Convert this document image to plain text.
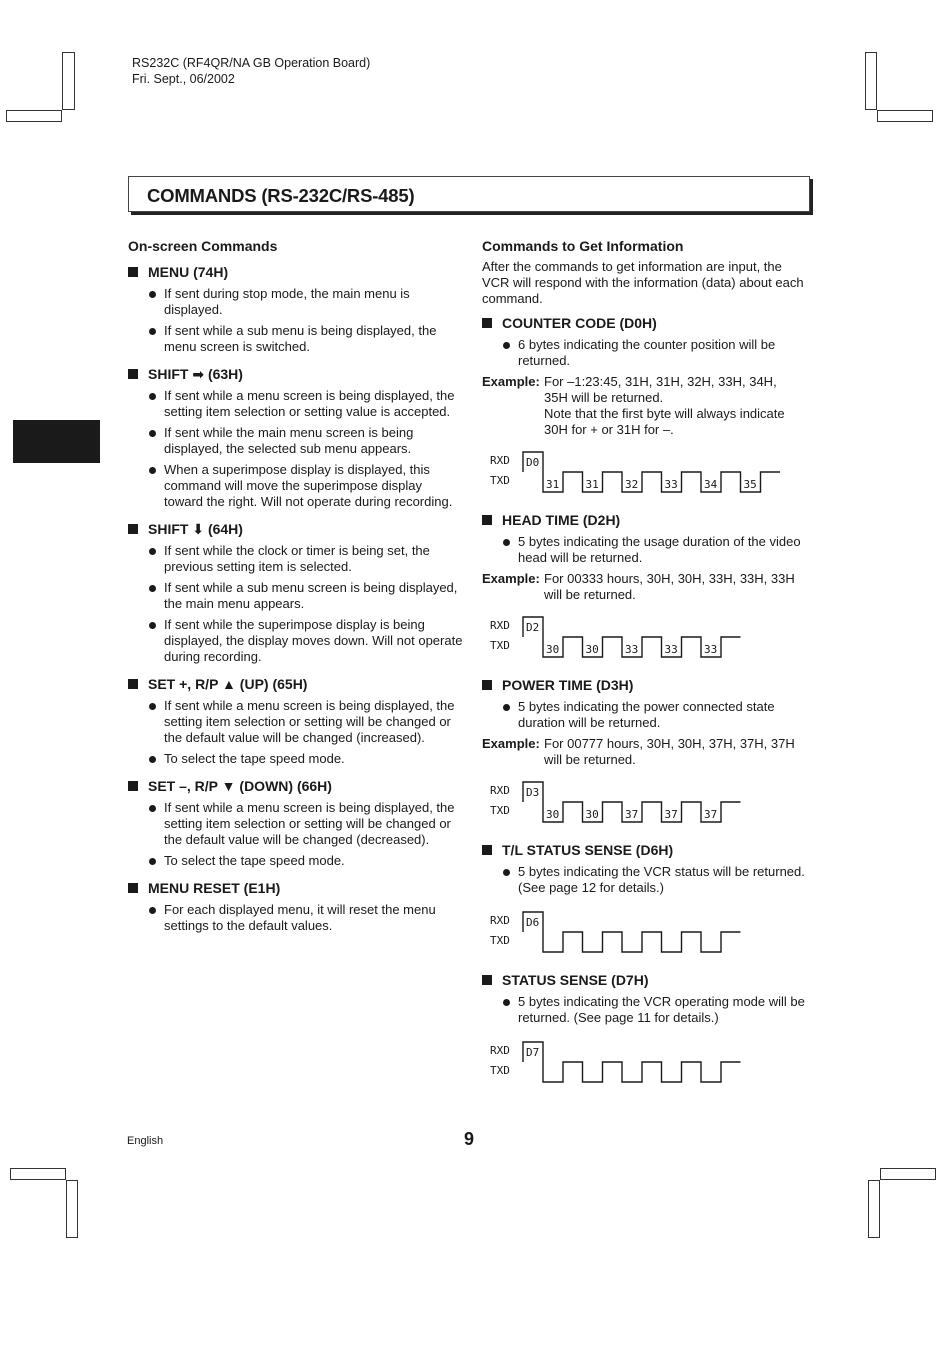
RS232C (RF4QR/NA GB Operation Board)
Fri. Sept., 06/2002
COMMANDS (RS-232C/RS-485)
On-screen Commands
MENU (74H)
If sent during stop mode, the main menu is displayed.
If sent while a sub menu is being displayed, the menu screen is switched.
SHIFT ➡ (63H)
If sent while a menu screen is being displayed, the setting item selection or setting value is accepted.
If sent while the main menu screen is being displayed, the selected sub menu appears.
When a superimpose display is displayed, this command will move the superimpose display toward the right. Will not operate during recording.
SHIFT ⬇ (64H)
If sent while the clock or timer is being set, the previous setting item is selected.
If sent while a sub menu screen is being displayed, the main menu appears.
If sent while the superimpose display is being displayed, the display moves down. Will not operate during recording.
SET +, R/P ▲ (UP) (65H)
If sent while a menu screen is being displayed, the setting item selection or setting will be changed or the default value will be changed (increased).
To select the tape speed mode.
SET –, R/P ▼ (DOWN) (66H)
If sent while a menu screen is being displayed, the setting item selection or setting will be changed or the default value will be changed (decreased).
To select the tape speed mode.
MENU RESET (E1H)
For each displayed menu, it will reset the menu settings to the default values.
Commands to Get Information
After the commands to get information are input, the VCR will respond with the information (data) about each command.
COUNTER CODE (D0H)
6 bytes indicating the counter position will be returned.
Example: For –1:23:45, 31H, 31H, 32H, 33H, 34H,
35H will be returned.
Note that the first byte will always indicate
30H for + or 31H for –.
RXD
TXD
D0
31 31 32 33 34 35
HEAD TIME (D2H)
5 bytes indicating the usage duration of the video head will be returned.
Example: For 00333 hours, 30H, 30H, 33H, 33H, 33H
will be returned.
RXD
TXD
D2
30 30 33 33 33
POWER TIME (D3H)
5 bytes indicating the power connected state duration will be returned.
Example: For 00777 hours, 30H, 30H, 37H, 37H, 37H
will be returned.
RXD
TXD
D3
30 30 37 37 37
T/L STATUS SENSE (D6H)
5 bytes indicating the VCR status will be returned. (See page 12 for details.)
RXD
TXD
D6
STATUS SENSE (D7H)
5 bytes indicating the VCR operating mode will be returned. (See page 11 for details.)
RXD
TXD
D7
English	9
